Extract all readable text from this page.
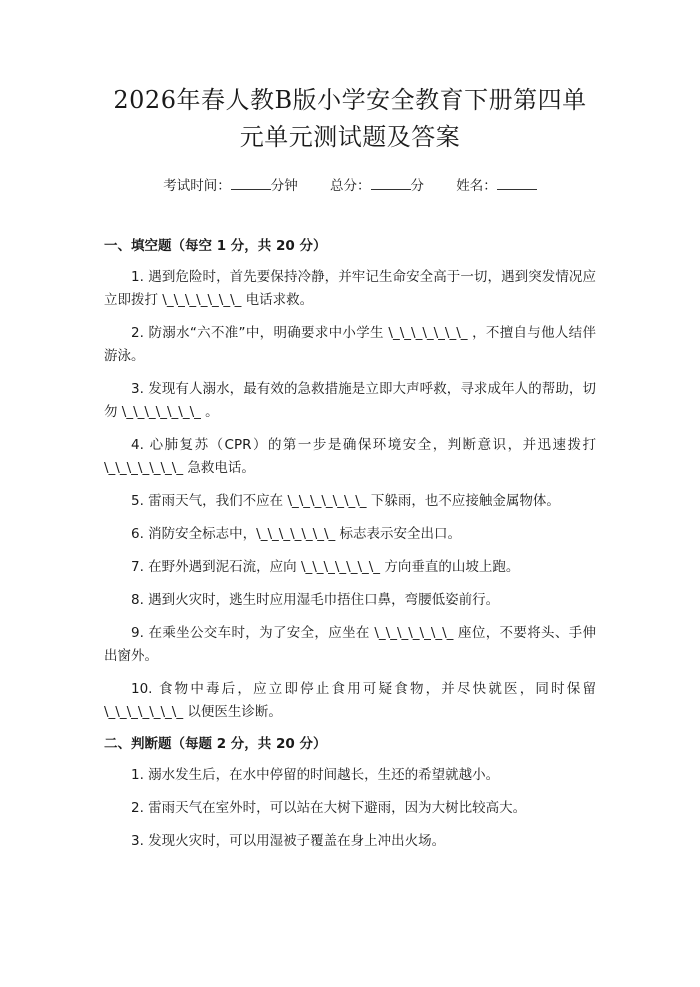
2026年春人教B版小学安全教育下册第四单元单元测试题及答案
考试时间：	分钟 总分：	分 姓名：

一、填空题（每空 1 分，共 20 分）

1. 遇到危险时，首先要保持冷静，并牢记生命安全高于一切，遇到突发情况应立即拨打 \_\_\_\_\_\_\_ 电话求救。

2. 防溺水“六不准”中，明确要求中小学生 \_\_\_\_\_\_\_ ，不擅自与他人结伴游泳。

3. 发现有人溺水，最有效的急救措施是立即大声呼救，寻求成年人的帮助，切勿 \_\_\_\_\_\_\_ 。

4. 心肺复苏（CPR）的第一步是确保环境安全，判断意识，并迅速拨打 \_\_\_\_\_\_\_ 急救电话。

5. 雷雨天气，我们不应在 \_\_\_\_\_\_\_ 下躲雨，也不应接触金属物体。

6. 消防安全标志中，\_\_\_\_\_\_\_ 标志表示安全出口。

7. 在野外遇到泥石流，应向 \_\_\_\_\_\_\_ 方向垂直的山坡上跑。

8. 遇到火灾时，逃生时应用湿毛巾捂住口鼻，弯腰低姿前行。

9. 在乘坐公交车时，为了安全，应坐在 \_\_\_\_\_\_\_ 座位，不要将头、手伸出窗外。

10. 食物中毒后，应立即停止食用可疑食物，并尽快就医，同时保留 \_\_\_\_\_\_\_ 以便医生诊断。

二、判断题（每题 2 分，共 20 分）

1. 溺水发生后，在水中停留的时间越长，生还的希望就越小。

2. 雷雨天气在室外时，可以站在大树下避雨，因为大树比较高大。

3. 发现火灾时，可以用湿被子覆盖在身上冲出火场。
